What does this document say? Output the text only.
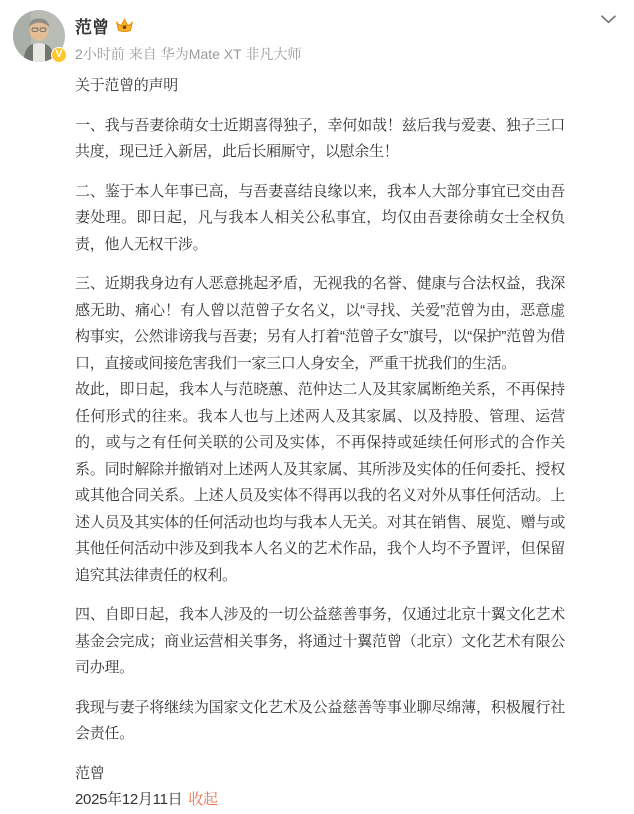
V
范曾
2小时前 来自 华为Mate XT 非凡大师

关于范曾的声明

一、我与吾妻徐萌女士近期喜得独子，幸何如哉！兹后我与爱妻、独子三口共度，现已迁入新居，此后长厢厮守，以慰余生！

二、鉴于本人年事已高，与吾妻喜结良缘以来，我本人大部分事宜已交由吾妻处理。即日起，凡与我本人相关公私事宜，均仅由吾妻徐萌女士全权负责，他人无权干涉。

三、近期我身边有人恶意挑起矛盾，无视我的名誉、健康与合法权益，我深感无助、痛心！有人曾以范曾子女名义，以“寻找、关爱”范曾为由，恶意虚构事实，公然诽谤我与吾妻；另有人打着“范曾子女”旗号，以“保护”范曾为借口，直接或间接危害我们一家三口人身安全，严重干扰我们的生活。

故此，即日起，我本人与范晓蕙、范仲达二人及其家属断绝关系，不再保持任何形式的往来。我本人也与上述两人及其家属、以及持股、管理、运营的，或与之有任何关联的公司及实体，不再保持或延续任何形式的合作关系。同时解除并撤销对上述两人及其家属、其所涉及实体的任何委托、授权或其他合同关系。上述人员及实体不得再以我的名义对外从事任何活动。上述人员及其实体的任何活动也均与我本人无关。对其在销售、展览、赠与或其他任何活动中涉及到我本人名义的艺术作品，我个人均不予置评，但保留追究其法律责任的权利。

四、自即日起，我本人涉及的一切公益慈善事务，仅通过北京十翼文化艺术基金会完成；商业运营相关事务，将通过十翼范曾（北京）文化艺术有限公司办理。

我现与妻子将继续为国家文化艺术及公益慈善等事业聊尽绵薄，积极履行社会责任。

范曾
2025年12月11日 收起
